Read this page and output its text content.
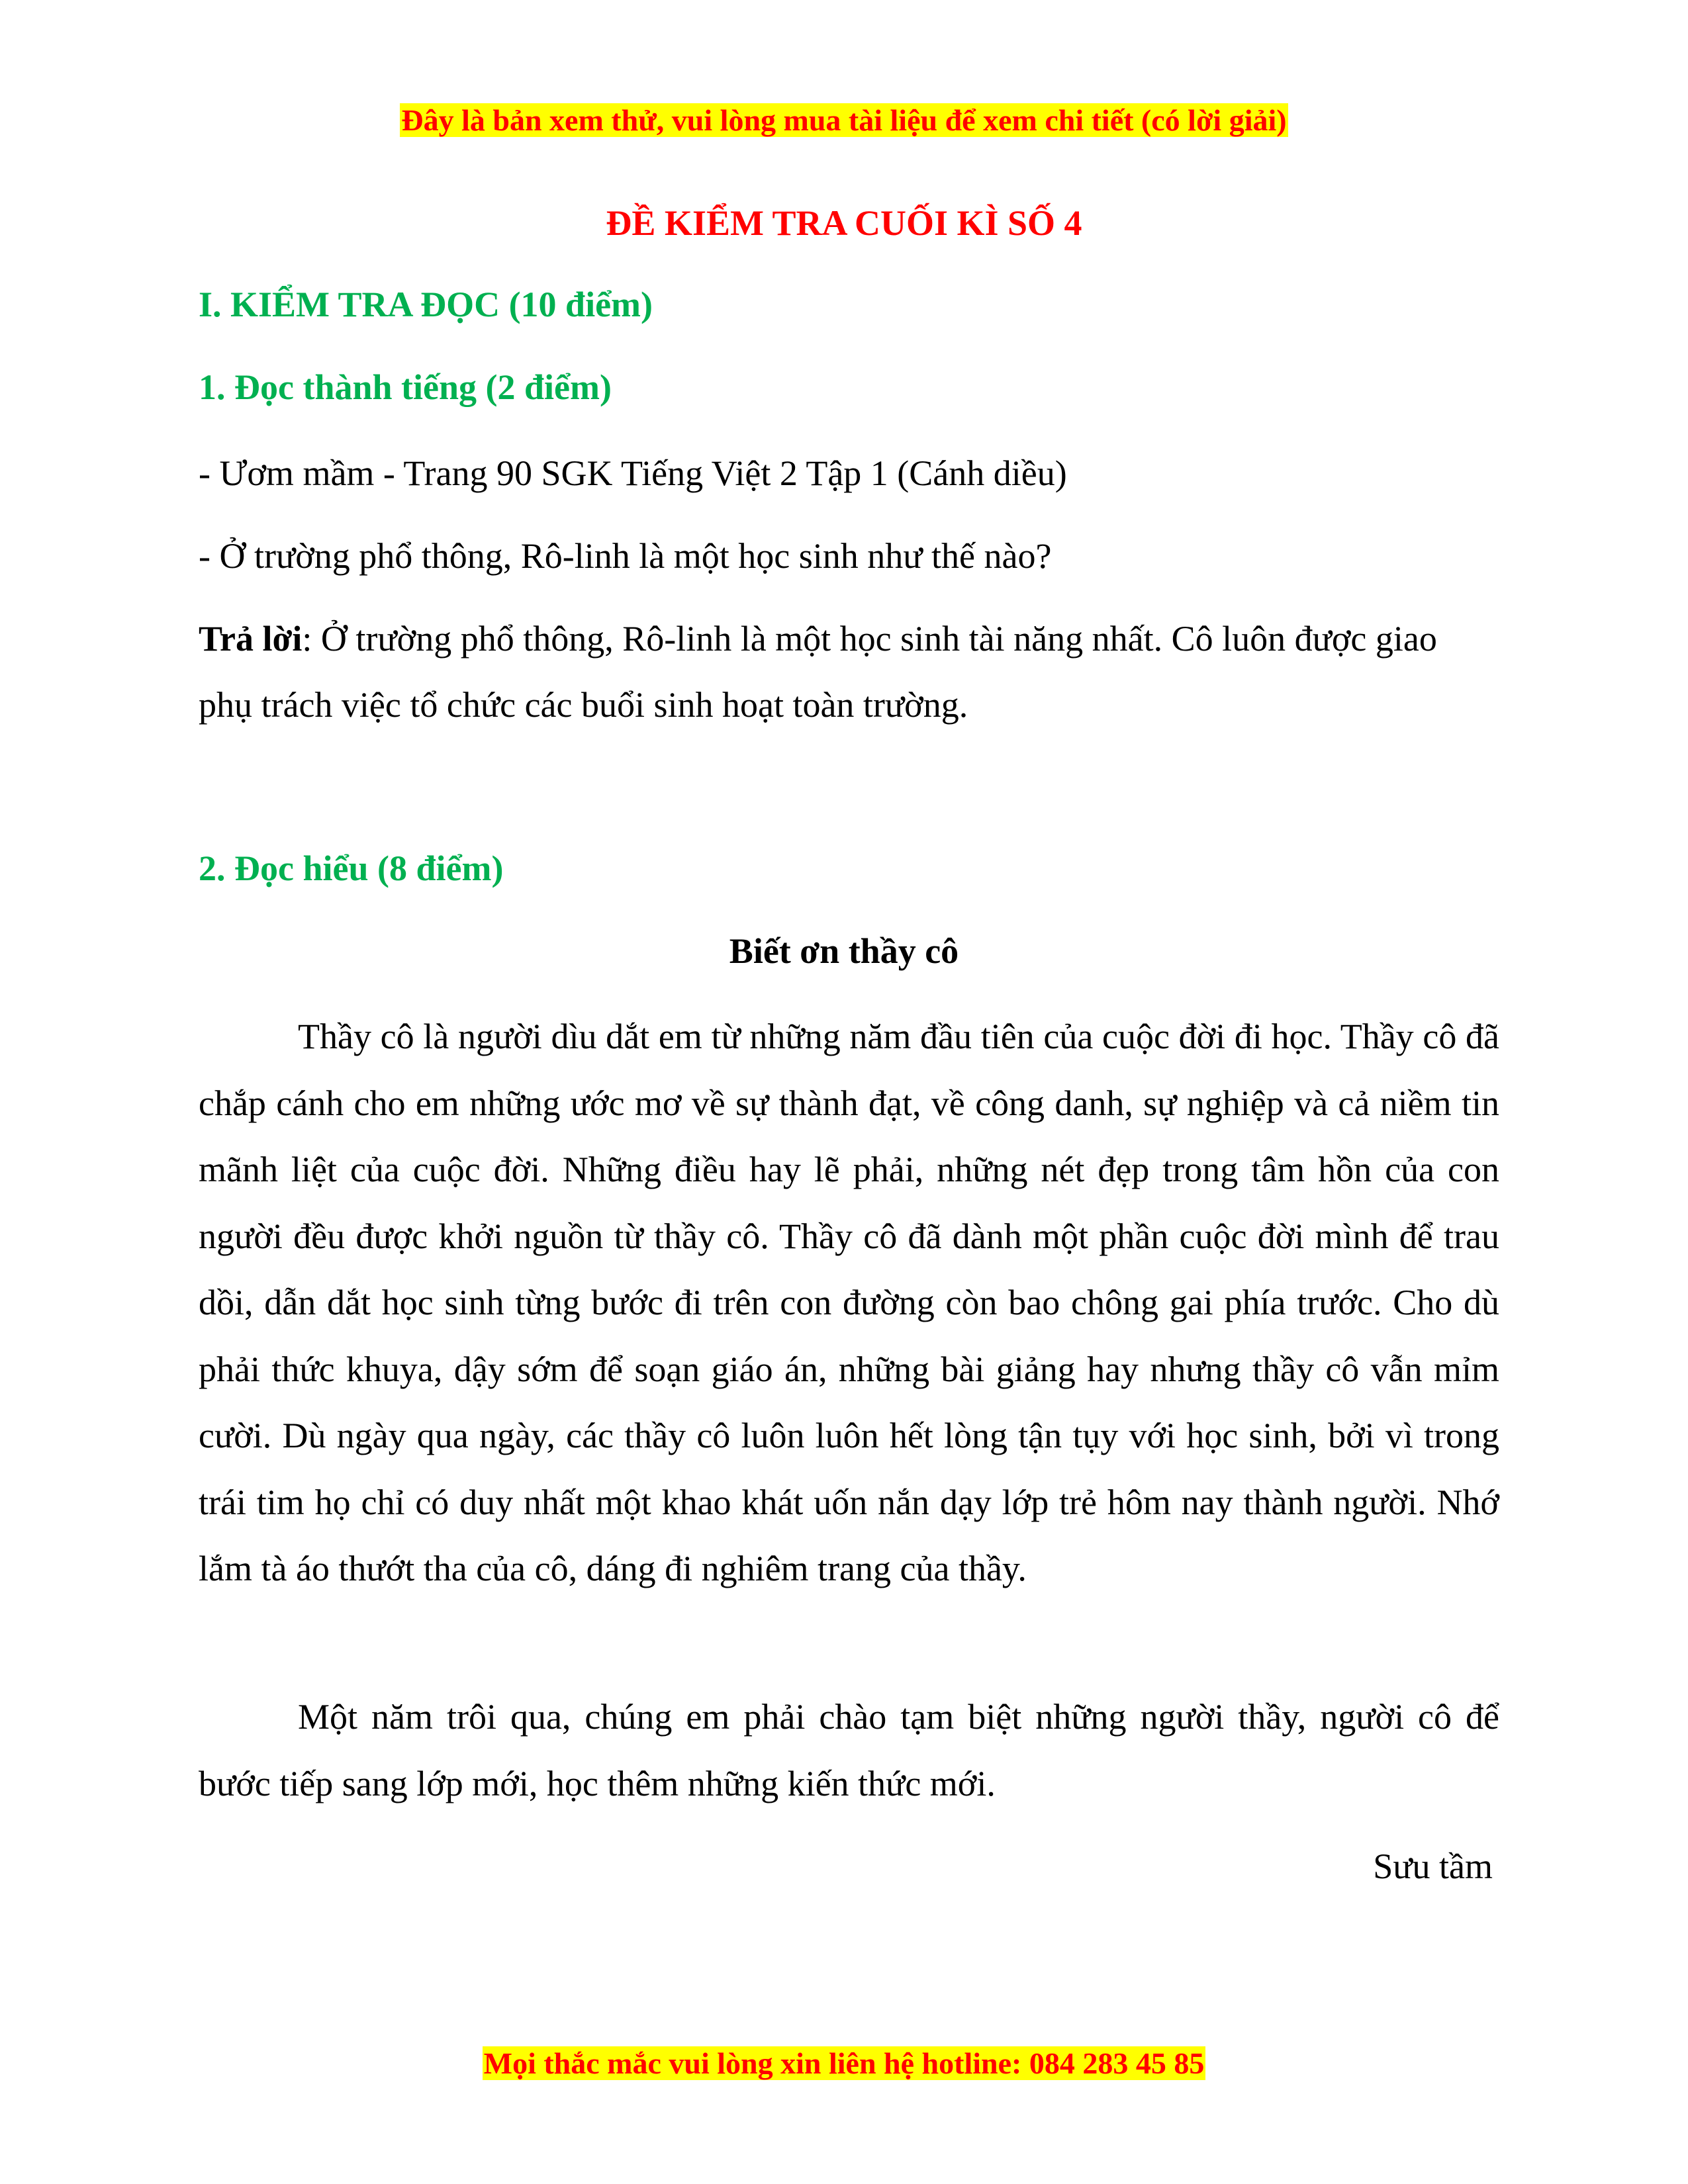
Đây là bản xem thử, vui lòng mua tài liệu để xem chi tiết (có lời giải)
ĐỀ KIỂM TRA CUỐI KÌ SỐ 4
I. KIỂM TRA ĐỌC (10 điểm)
1. Đọc thành tiếng (2 điểm)

- Ươm mầm - Trang 90 SGK Tiếng Việt 2 Tập 1 (Cánh diều)

- Ở trường phổ thông, Rô-linh là một học sinh như thế nào?

Trả lời: Ở trường phổ thông, Rô-linh là một học sinh tài năng nhất. Cô luôn được giao phụ trách việc tổ chức các buổi sinh hoạt toàn trường.

2. Đọc hiểu (8 điểm)
Biết ơn thầy cô

Thầy cô là người dìu dắt em từ những năm đầu tiên của cuộc đời đi học. Thầy cô đã chắp cánh cho em những ước mơ về sự thành đạt, về công danh, sự nghiệp và cả niềm tin mãnh liệt của cuộc đời. Những điều hay lẽ phải, những nét đẹp trong tâm hồn của con người đều được khởi nguồn từ thầy cô. Thầy cô đã dành một phần cuộc đời mình để trau dồi, dẫn dắt học sinh từng bước đi trên con đường còn bao chông gai phía trước. Cho dù phải thức khuya, dậy sớm để soạn giáo án, những bài giảng hay nhưng thầy cô vẫn mỉm cười. Dù ngày qua ngày, các thầy cô luôn luôn hết lòng tận tụy với học sinh, bởi vì trong trái tim họ chỉ có duy nhất một khao khát uốn nắn dạy lớp trẻ hôm nay thành người. Nhớ lắm tà áo thướt tha của cô, dáng đi nghiêm trang của thầy.

Một năm trôi qua, chúng em phải chào tạm biệt những người thầy, người cô để bước tiếp sang lớp mới, học thêm những kiến thức mới.

Sưu tầm
Mọi thắc mắc vui lòng xin liên hệ hotline: 084 283 45 85
